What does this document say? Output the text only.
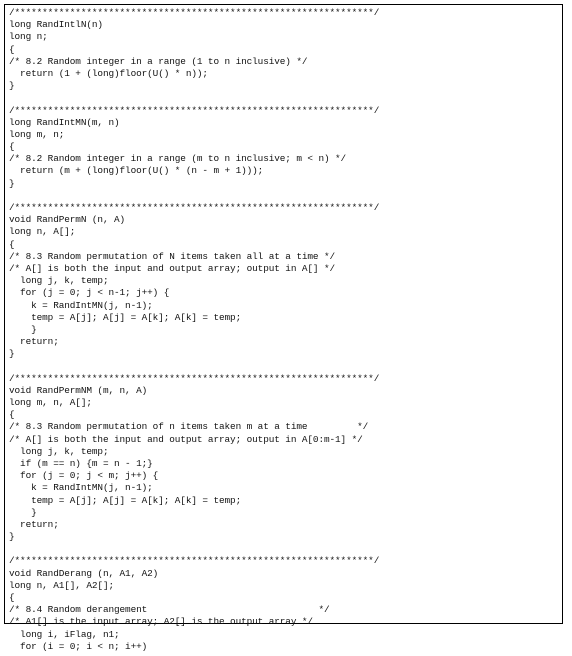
/*****************************************************************/
long RandIntlN(n)
long n;
{
/* 8.2 Random integer in a range (1 to n inclusive) */
return (1 + (long)floor(U() * n));
}
/*****************************************************************/
long RandIntMN(m, n)
long m, n;
{
/* 8.2 Random integer in a range (m to n inclusive; m < n) */
return (m + (long)floor(U() * (n - m + 1)));
}
/*****************************************************************/
void RandPermN (n, A)
long n, A[];
{
/* 8.3 Random permutation of N items taken all at a time */
/* A[] is both the input and output array; output in A[] */
long j, k, temp;
for (j = 0; j < n-1; j++) {
k = RandIntMN(j, n-1);
temp = A[j]; A[j] = A[k]; A[k] = temp;
}
return;
}
/*****************************************************************/
void RandPermNM (m, n, A)
long m, n, A[];
{
/* 8.3 Random permutation of n items taken m at a time         */
/* A[] is both the input and output array; output in A[0:m-1] */
long j, k, temp;
if (m == n) {m = n - 1;}
for (j = 0; j < m; j++) {
k = RandIntMN(j, n-1);
temp = A[j]; A[j] = A[k]; A[k] = temp;
}
return;
}
/*****************************************************************/
void RandDerang (n, A1, A2)
long n, A1[], A2[];
{
/* 8.4 Random derangement                               */
/* A1[] is the input array; A2[] is the output array */
long i, iFlag, n1;
for (i = 0; i < n; i++)
